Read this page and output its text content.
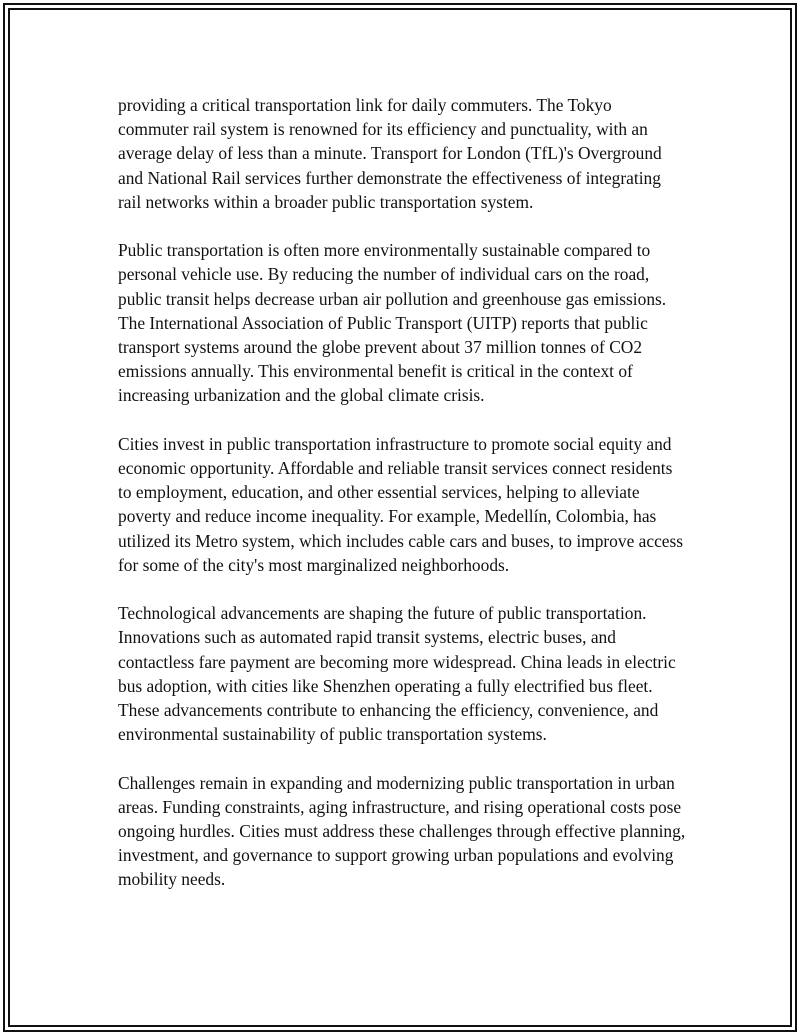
providing a critical transportation link for daily commuters. The Tokyo commuter rail system is renowned for its efficiency and punctuality, with an average delay of less than a minute. Transport for London (TfL)'s Overground and National Rail services further demonstrate the effectiveness of integrating rail networks within a broader public transportation system.

Public transportation is often more environmentally sustainable compared to personal vehicle use. By reducing the number of individual cars on the road, public transit helps decrease urban air pollution and greenhouse gas emissions. The International Association of Public Transport (UITP) reports that public transport systems around the globe prevent about 37 million tonnes of CO2 emissions annually. This environmental benefit is critical in the context of increasing urbanization and the global climate crisis.

Cities invest in public transportation infrastructure to promote social equity and economic opportunity. Affordable and reliable transit services connect residents to employment, education, and other essential services, helping to alleviate poverty and reduce income inequality. For example, Medellín, Colombia, has utilized its Metro system, which includes cable cars and buses, to improve access for some of the city's most marginalized neighborhoods.

Technological advancements are shaping the future of public transportation. Innovations such as automated rapid transit systems, electric buses, and contactless fare payment are becoming more widespread. China leads in electric bus adoption, with cities like Shenzhen operating a fully electrified bus fleet. These advancements contribute to enhancing the efficiency, convenience, and environmental sustainability of public transportation systems.

Challenges remain in expanding and modernizing public transportation in urban areas. Funding constraints, aging infrastructure, and rising operational costs pose ongoing hurdles. Cities must address these challenges through effective planning, investment, and governance to support growing urban populations and evolving mobility needs.
